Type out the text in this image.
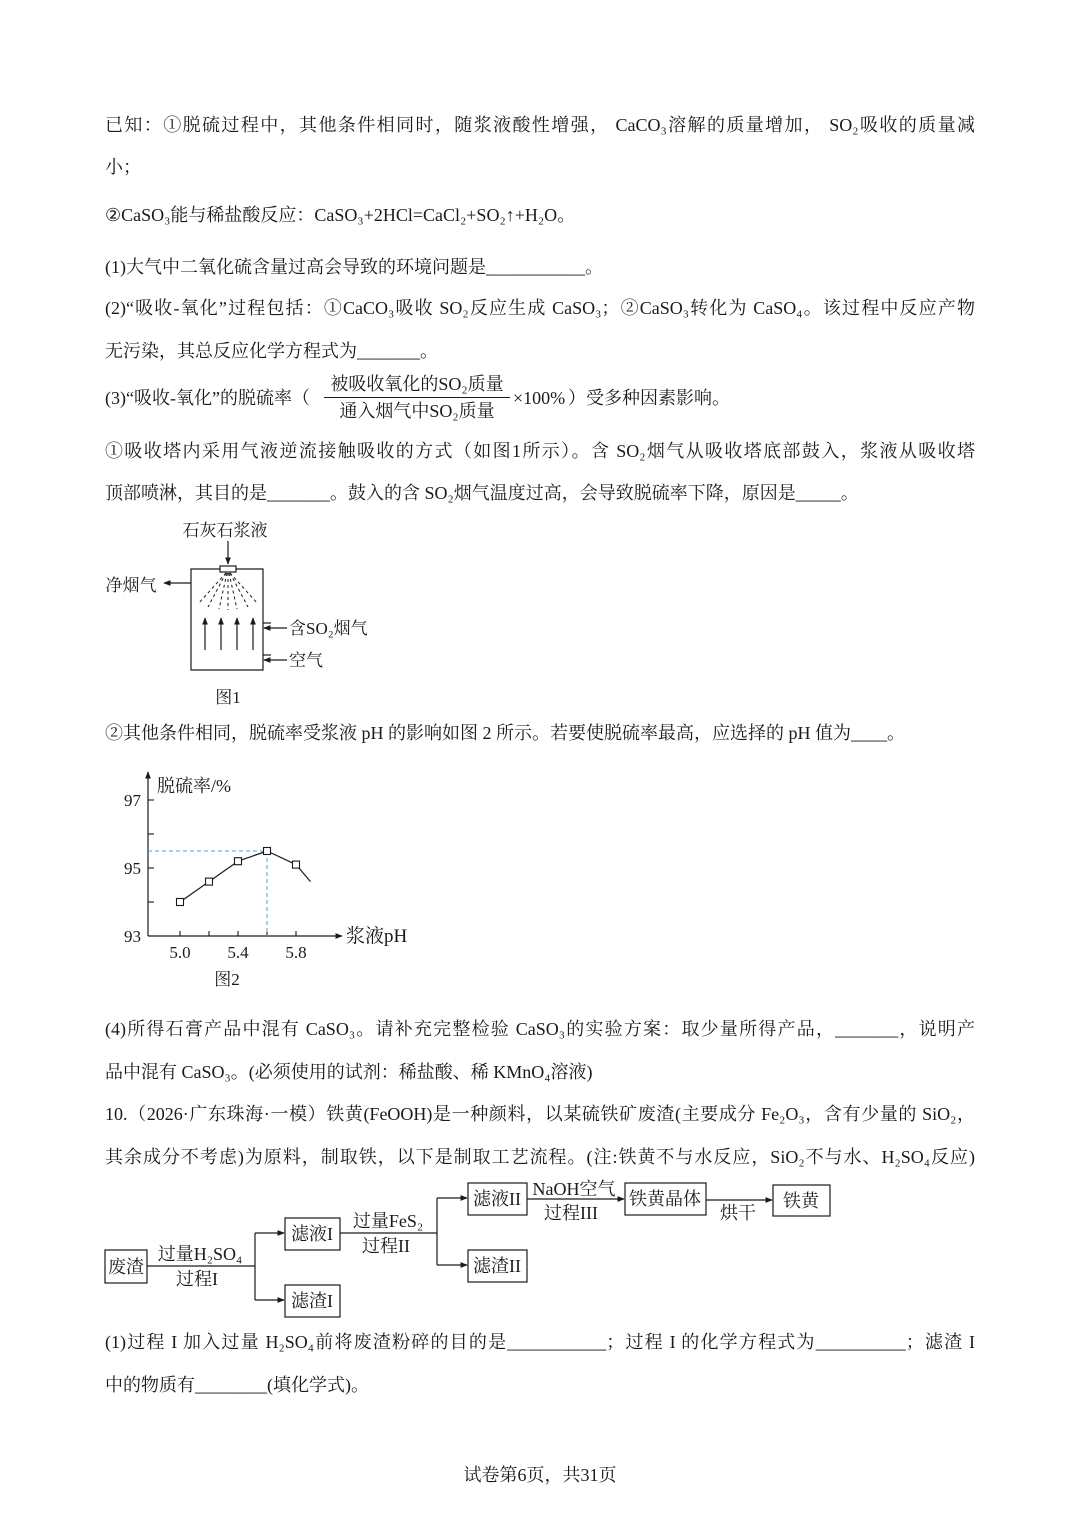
已知：①脱硫过程中，其他条件相同时，随浆液酸性增强， CaCO₃溶解的质量增加， SO₂吸收的质量减
小；
②CaSO₃能与稀盐酸反应：CaSO₃+2HCl=CaCl₂+SO₂↑+H₂O。
(1)大气中二氧化硫含量过高会导致的环境问题是___________。
(2)“吸收-氧化”过程包括：①CaCO₃吸收 SO₂反应生成 CaSO₃；②CaSO₃转化为 CaSO₄。该过程中反应产物
无污染，其总反应化学方程式为_______。
(3)“吸收-氧化”的脱硫率（
被吸收氧化的SO₂质量
通入烟气中SO₂质量
×100% ）受多种因素影响。
①吸收塔内采用气液逆流接触吸收的方式（如图1所示）。含 SO₂烟气从吸收塔底部鼓入，浆液从吸收塔
顶部喷淋，其目的是_______。鼓入的含 SO₂烟气温度过高，会导致脱硫率下降，原因是_____。
石灰石浆液
净烟气
含SO₂烟气
空气
图1
②其他条件相同，脱硫率受浆液 pH 的影响如图 2 所示。若要使脱硫率最高，应选择的 pH 值为____。
97
95
93
5.0 5.4 5.8
脱硫率/%
浆液pH
图2
(4)所得石膏产品中混有 CaSO₃。请补充完整检验 CaSO₃的实验方案：取少量所得产品，_______，说明产
品中混有 CaSO₃。(必须使用的试剂：稀盐酸、稀 KMnO₄溶液)
10.（2026·广东珠海·一模）铁黄(FeOOH)是一种颜料，以某硫铁矿废渣(主要成分 Fe₂O₃，含有少量的 SiO₂，
其余成分不考虑)为原料，制取铁，以下是制取工艺流程。(注:铁黄不与水反应，SiO₂不与水、H₂SO₄反应)
废渣
过量H₂SO₄
过程I
滤液I
滤渣I
过量FeS₂
过程II
滤液II
滤渣II
NaOH空气
过程III
铁黄晶体
烘干
铁黄
(1)过程 I 加入过量 H₂SO₄前将废渣粉碎的目的是___________；过程 I 的化学方程式为__________；滤渣 I
中的物质有________(填化学式)。
试卷第6页，共31页
